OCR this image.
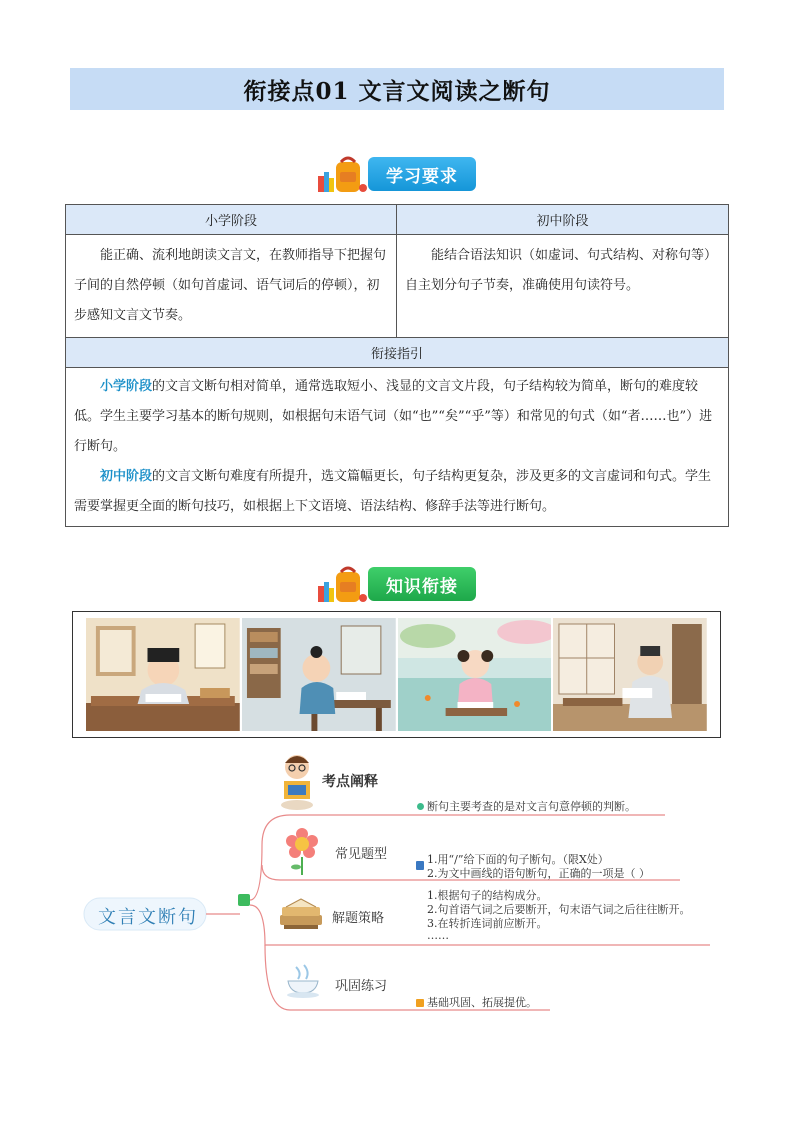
衔接点01 文言文阅读之断句
学习要求
小学阶段	初中阶段
能正确、流利地朗读文言文，在教师指导下把握句子间的自然停顿（如句首虚词、语气词后的停顿），初步感知文言文节奏。	能结合语法知识（如虚词、句式结构、对称句等）自主划分句子节奏，准确使用句读符号。
衔接指引	

小学阶段的文言文断句相对简单，通常选取短小、浅显的文言文片段，句子结构较为简单，断句的难度较低。学生主要学习基本的断句规则，如根据句末语气词（如“也”“矣”“乎”等）和常见的句式（如“者……也”）进行断句。

初中阶段的文言文断句难度有所提升，选文篇幅更长，句子结构更复杂，涉及更多的文言虚词和句式。学生需要掌握更全面的断句技巧，如根据上下文语境、语法结构、修辞手法等进行断句。	

知识衔接
文言文断句
考点阐释
断句主要考查的是对文言句意停顿的判断。
常见题型	1.用“/”给下面的句子断句。（限X处）
2.为文中画线的语句断句，正确的一项是（ ）
解题策略
1.根据句子的结构成分。
2.句首语气词之后要断开，句末语气词之后往往断开。
3.在转折连词前应断开。
……
巩固练习
基础巩固、拓展提优。
